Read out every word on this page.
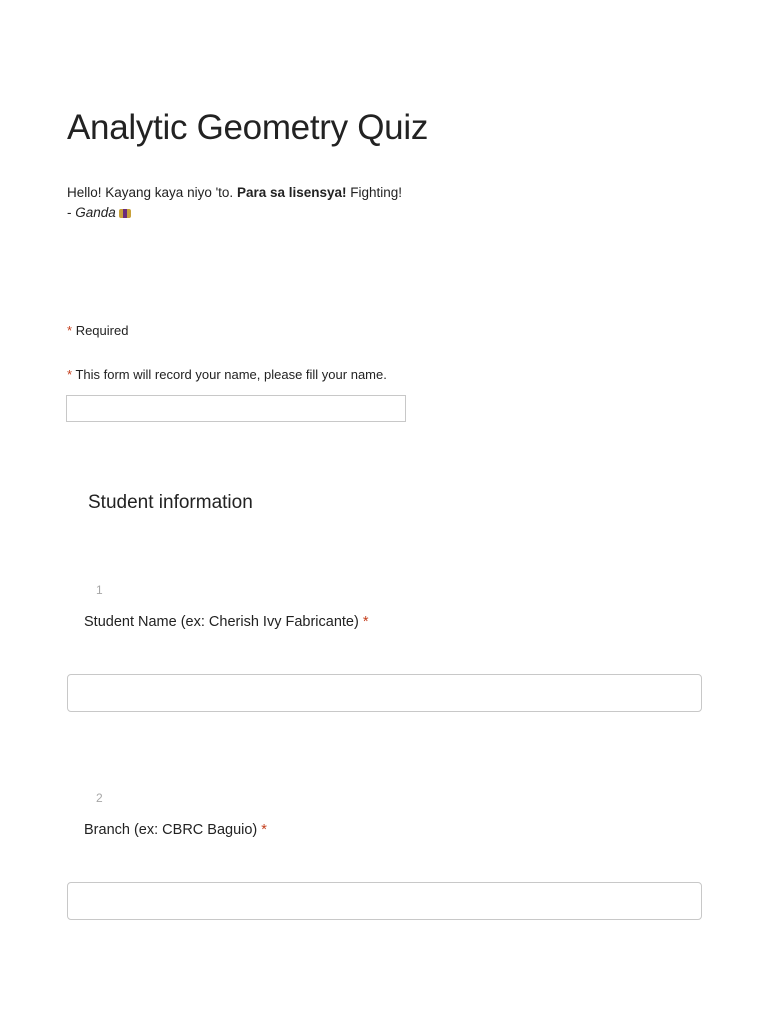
Analytic Geometry Quiz
Hello! Kayang kaya niyo 'to. Para sa lisensya! Fighting!
- Ganda
* Required
* This form will record your name, please fill your name.
Student information
1
Student Name (ex: Cherish Ivy Fabricante) *
2
Branch (ex: CBRC Baguio) *
